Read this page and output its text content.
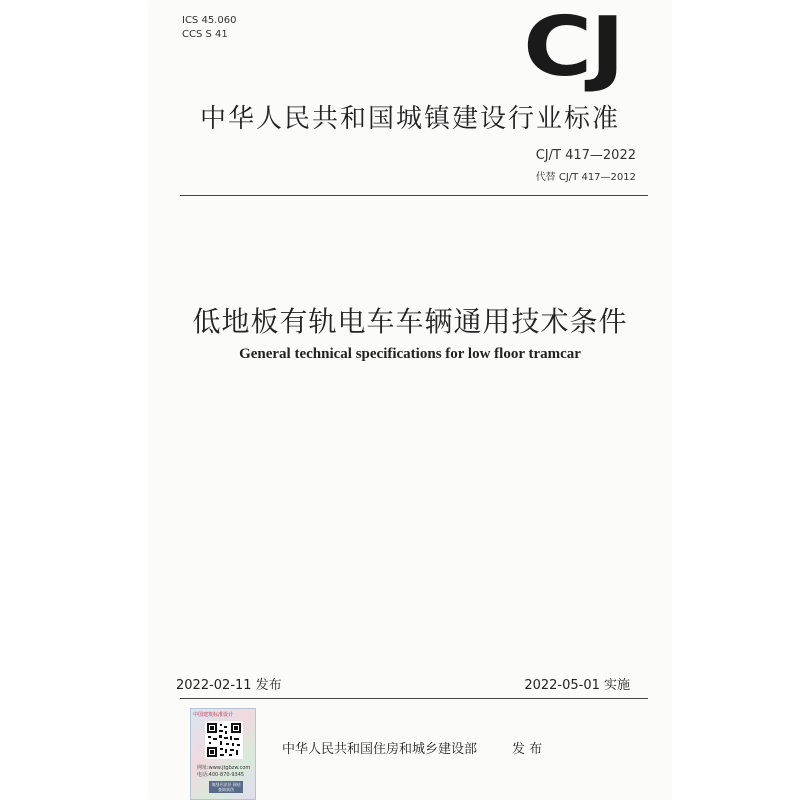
ICS 45.060
CCS S 41	CJ
中华人民共和国城镇建设行业标准
CJ/T 417—2022
代替 CJ/T 417—2012
低地板有轨电车车辆通用技术条件
General technical specifications for low floor tramcar
2022-02-11 发布	2022-05-01 实施
中华人民共和国住房和城乡建设部	发 布
中国建筑标准设计
网址:www.jtgbzw.com
电话:400-870-9345
请刮开涂层 网站查询真伪
